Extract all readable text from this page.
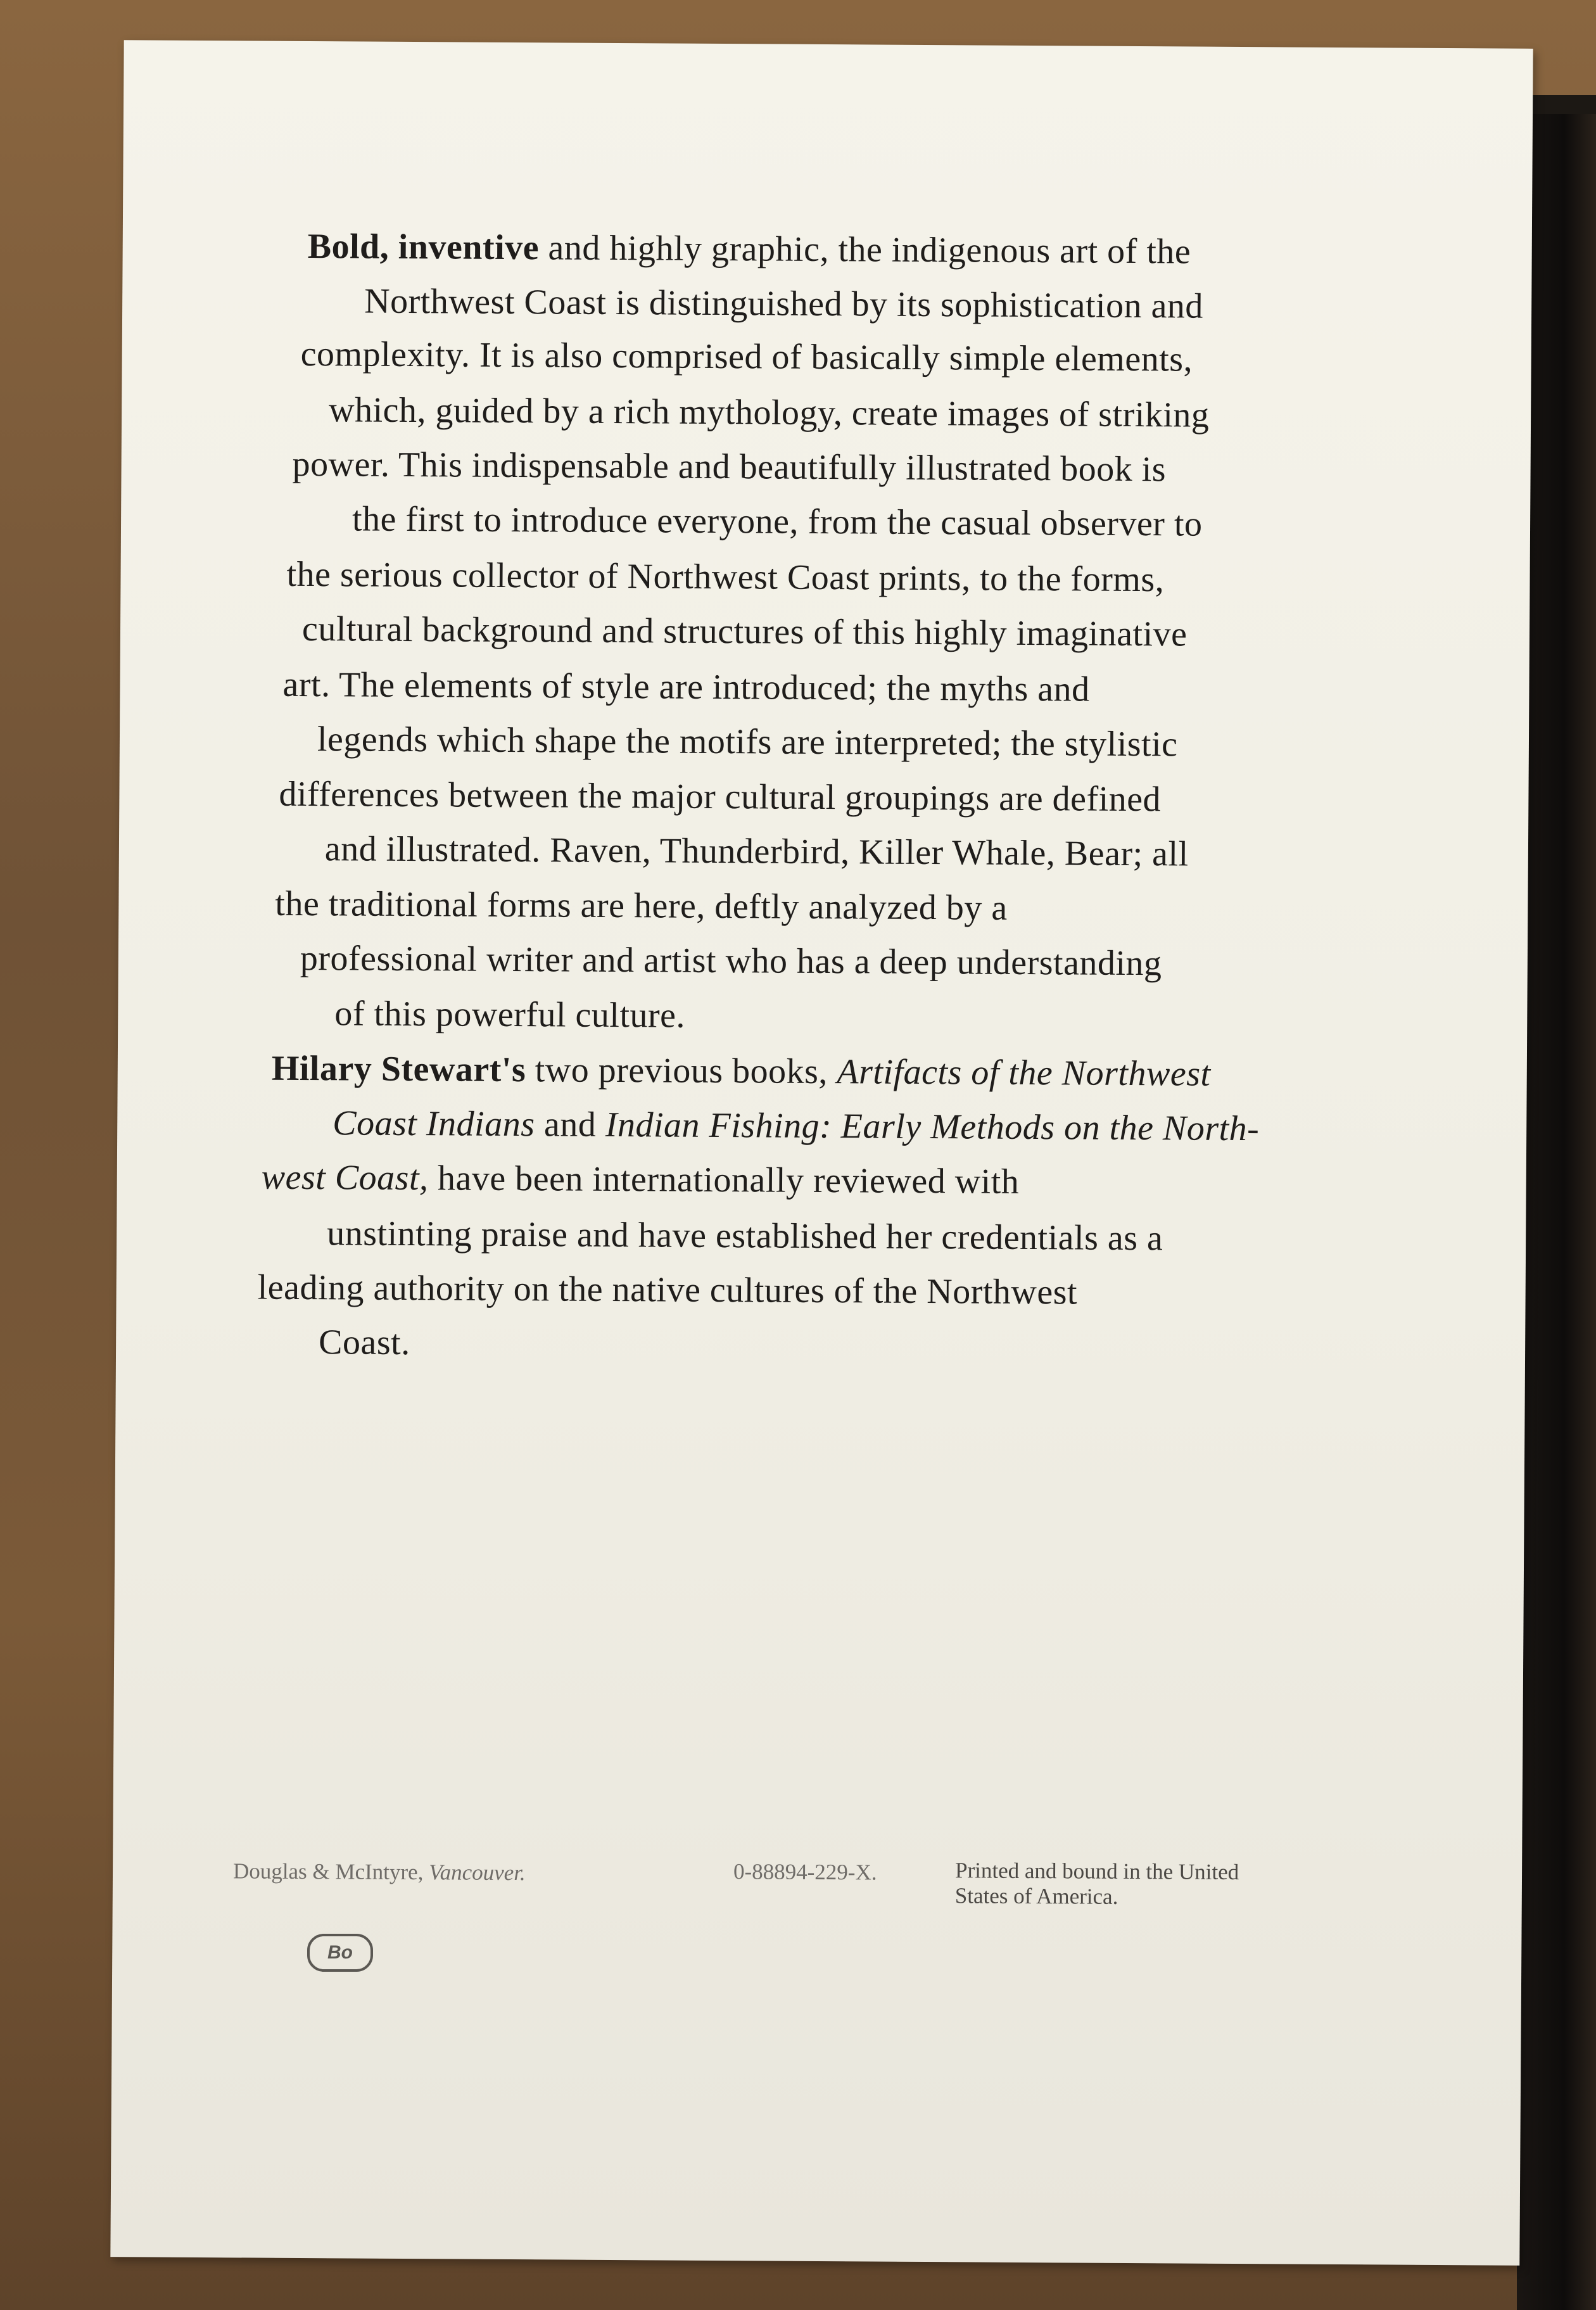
Bold, inventive and highly graphic, the indigenous art of the
Northwest Coast is distinguished by its sophistication and
complexity. It is also comprised of basically simple elements,
which, guided by a rich mythology, create images of striking
power. This indispensable and beautifully illustrated book is
the first to introduce everyone, from the casual observer to
the serious collector of Northwest Coast prints, to the forms,
cultural background and structures of this highly imaginative
art. The elements of style are introduced; the myths and
legends which shape the motifs are interpreted; the stylistic
differences between the major cultural groupings are defined
and illustrated. Raven, Thunderbird, Killer Whale, Bear; all
the traditional forms are here, deftly analyzed by a
professional writer and artist who has a deep understanding
of this powerful culture.
Hilary Stewart's two previous books, Artifacts of the Northwest
Coast Indians and Indian Fishing: Early Methods on the North-
west Coast, have been internationally reviewed with
unstinting praise and have established her credentials as a
leading authority on the native cultures of the Northwest
Coast.
Douglas & McIntyre, Vancouver.	0-88894-229-X.	Printed and bound in the United
States of America.
Bo
